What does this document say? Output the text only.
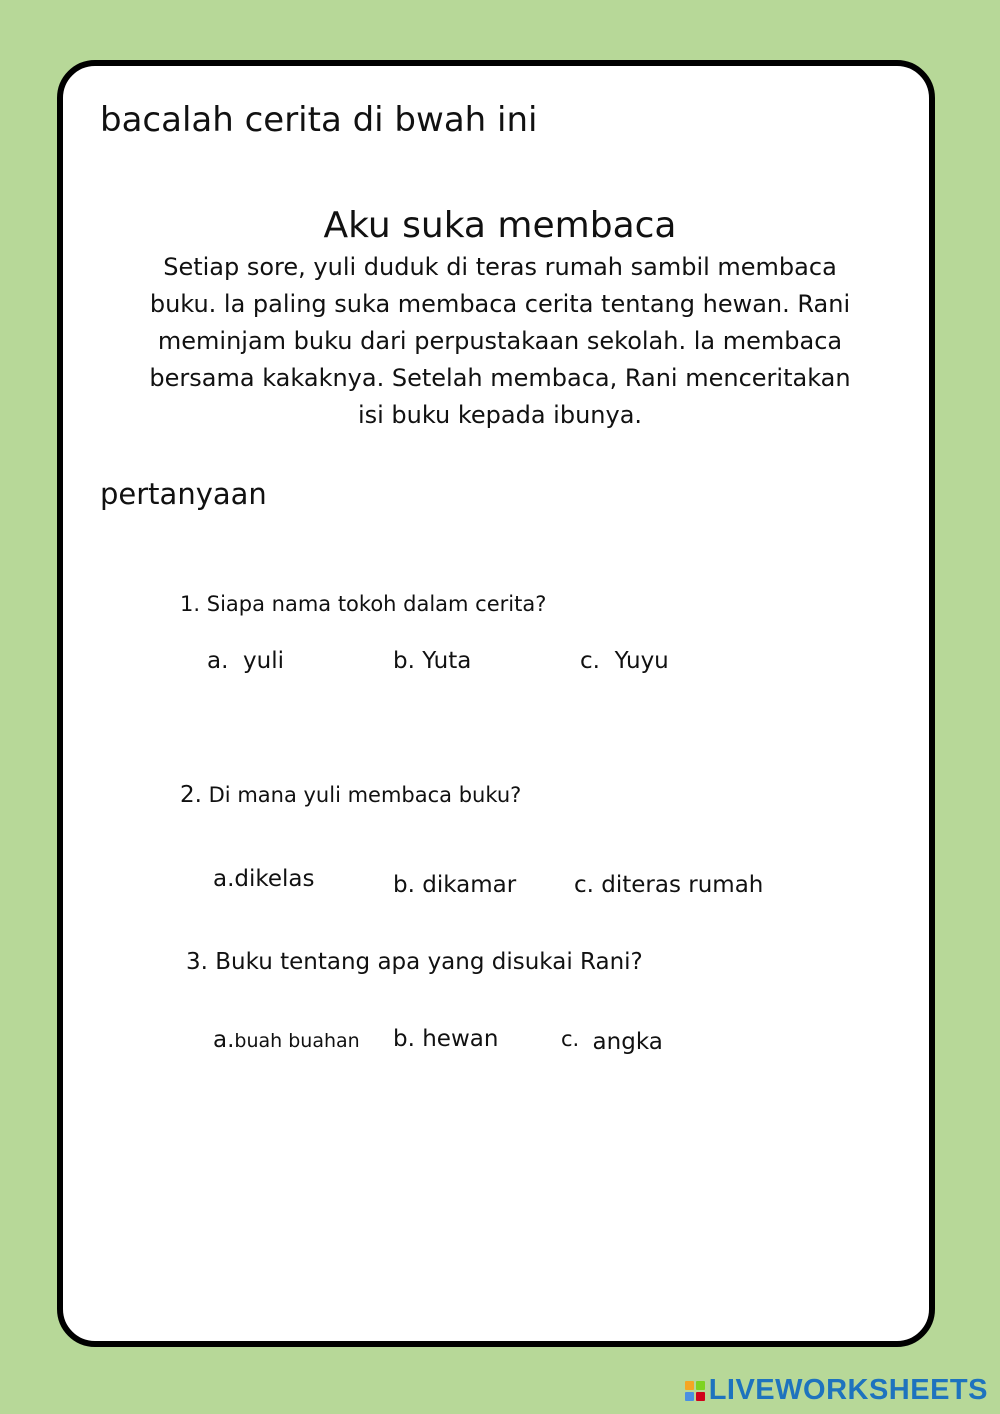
bacalah cerita di bwah ini
Aku suka membaca
Setiap sore, yuli duduk di teras rumah sambil membaca buku. la paling suka membaca cerita tentang hewan. Rani meminjam buku dari perpustakaan sekolah. la membaca bersama kakaknya. Setelah membaca, Rani menceritakan isi buku kepada ibunya.
pertanyaan
1. Siapa nama tokoh dalam cerita?
a.  yuli	b. Yuta	c.  Yuyu
2. Di mana yuli membaca buku?
a.dikelas	b. dikamar	c. diteras rumah
3. Buku tentang apa yang disukai Rani?
a.buah buahan b. hewan	c. angka
LIVEWORKSHEETS
